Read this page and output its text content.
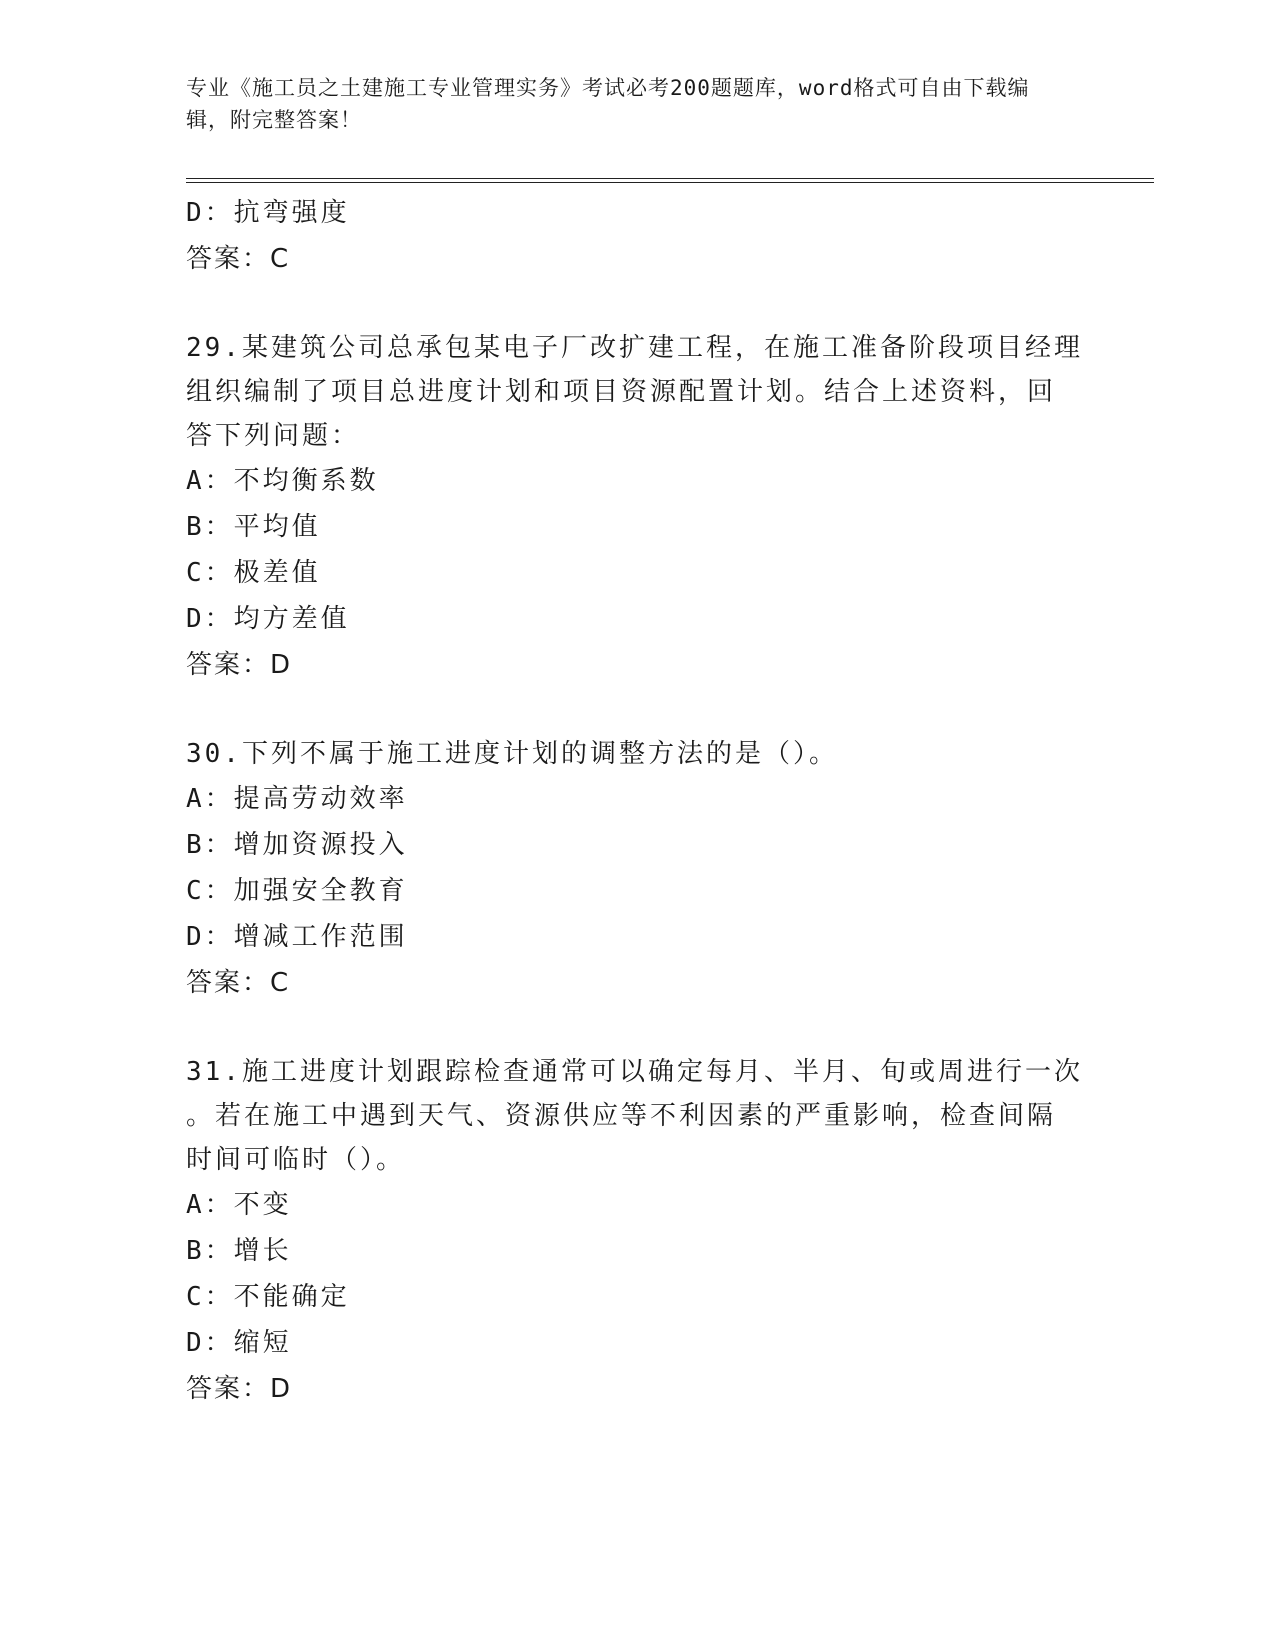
专业《施工员之土建施工专业管理实务》考试必考200题题库，word格式可自由下载编辑，附完整答案！
D：抗弯强度
答案：C
29.某建筑公司总承包某电子厂改扩建工程，在施工准备阶段项目经理
组织编制了项目总进度计划和项目资源配置计划。结合上述资料，回
答下列问题：
A：不均衡系数
B：平均值
C：极差值
D：均方差值
答案：D
30.下列不属于施工进度计划的调整方法的是（）。
A：提高劳动效率
B：增加资源投入
C：加强安全教育
D：增减工作范围
答案：C
31.施工进度计划跟踪检查通常可以确定每月、半月、旬或周进行一次
。若在施工中遇到天气、资源供应等不利因素的严重影响，检查间隔
时间可临时（）。
A：不变
B：增长
C：不能确定
D：缩短
答案：D
